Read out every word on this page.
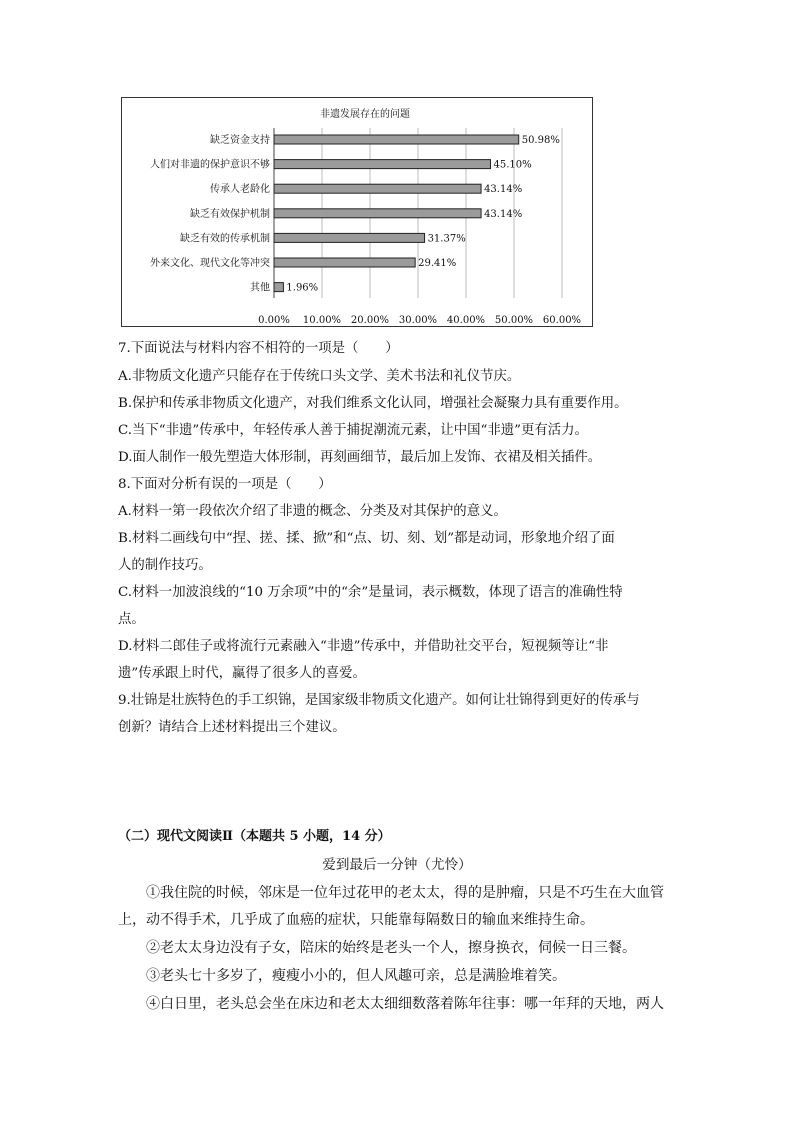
非遗发展存在的问题
缺乏资金支持	50.98%
人们对非遗的保护意识不够	45.10%
传承人老龄化	43.14%
缺乏有效保护机制	43.14%
缺乏有效的传承机制	31.37%
外来文化、现代文化等冲突	29.41%
其他 1.96%
0.00% 10.00% 20.00% 30.00% 40.00% 50.00% 60.00%
7.下面说法与材料内容不相符的一项是（　　）
A.非物质文化遗产只能存在于传统口头文学、美术书法和礼仪节庆。
B.保护和传承非物质文化遗产，对我们维系文化认同，增强社会凝聚力具有重要作用。
C.当下“非遗”传承中，年轻传承人善于捕捉潮流元素，让中国“非遗”更有活力。
D.面人制作一般先塑造大体形制，再刻画细节，最后加上发饰、衣裙及相关插件。
8.下面对分析有误的一项是（　　）
A.材料一第一段依次介绍了非遗的概念、分类及对其保护的意义。
B.材料二画线句中“捏、搓、揉、掀”和“点、切、刻、划”都是动词，形象地介绍了面
人的制作技巧。
C.材料一加波浪线的“10 万余项”中的“余”是量词，表示概数，体现了语言的准确性特
点。
D.材料二郎佳子或将流行元素融入“非遗”传承中，并借助社交平台，短视频等让“非
遗”传承跟上时代，赢得了很多人的喜爱。
9.壮锦是壮族特色的手工织锦，是国家级非物质文化遗产。如何让壮锦得到更好的传承与
创新？请结合上述材料提出三个建议。
（二）现代文阅读Ⅱ（本题共 5 小题，14 分）
爱到最后一分钟（尤怜）
①我住院的时候，邻床是一位年过花甲的老太太，得的是肿瘤，只是不巧生在大血管
上，动不得手术，几乎成了血癌的症状，只能靠每隔数日的输血来维持生命。
②老太太身边没有子女，陪床的始终是老头一个人，擦身换衣，伺候一日三餐。
③老头七十多岁了，瘦瘦小小的，但人风趣可亲，总是满脸堆着笑。
④白日里，老头总会坐在床边和老太太细细数落着陈年往事：哪一年拜的天地，两人
